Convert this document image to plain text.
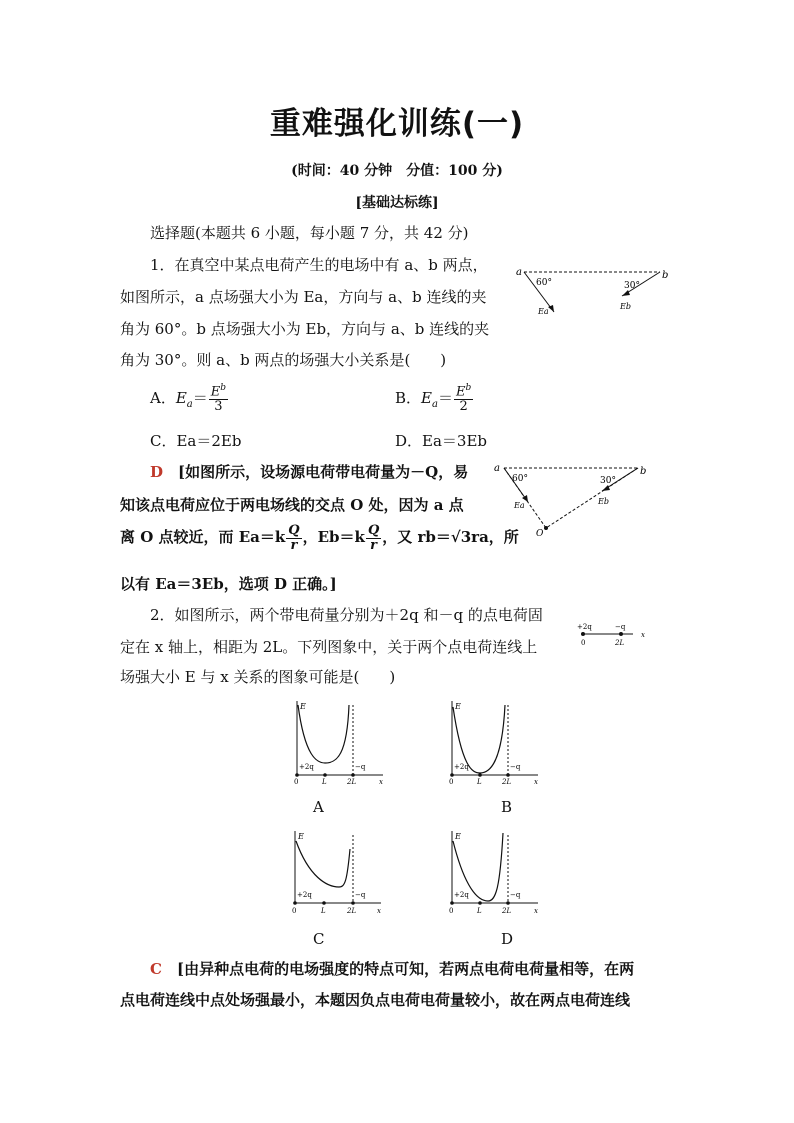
重难强化训练(一)
(时间：40 分钟　分值：100 分)
[基础达标练]
选择题(本题共 6 小题，每小题 7 分，共 42 分)
1．在真空中某点电荷产生的电场中有 a、b 两点，
如图所示，a 点场强大小为 Ea，方向与 a、b 连线的夹
角为 60°。b 点场强大小为 Eb，方向与 a、b 连线的夹
角为 30°。则 a、b 两点的场强大小关系是(　　)
a	b
60°	30°
Ea
Eb
A．$E_a= \frac{E^b}{3}$	B．$E_a= \frac{E^b}{2}$
C．Ea＝2Eb	D．Ea＝3Eb
D　 [如图所示，设场源电荷带电荷量为－Q，易
知该点电荷应位于两电场线的交点 O 处，因为 a 点
离 O 点较近，而 $Ea=k \frac{Q}{r}$ ，$Eb=k \frac{Q}{r}$ ，又 rb＝√3ra，所
以有 Ea＝3Eb，选项 D 正确。]
a	b
60°	30°
Ea	Eb
O
2．如图所示，两个带电荷量分别为＋2q 和－q 的点电荷固
定在 x 轴上，相距为 2L。下列图象中，关于两个点电荷连线上
场强大小 E 与 x 关系的图象可能是(　　)
+2q	−q
0	2L
x
E
+2q	−q
0	L	2L	x
A
E
+2q	−q
0	L	2L	x
B
E
+2q	−q
0	L	2L	x
C
E
+2q	−q
0	L	2L	x
D
C　 [由异种点电荷的电场强度的特点可知，若两点电荷电荷量相等，在两
点电荷连线中点处场强最小，本题因负点电荷电荷量较小，故在两点电荷连线
